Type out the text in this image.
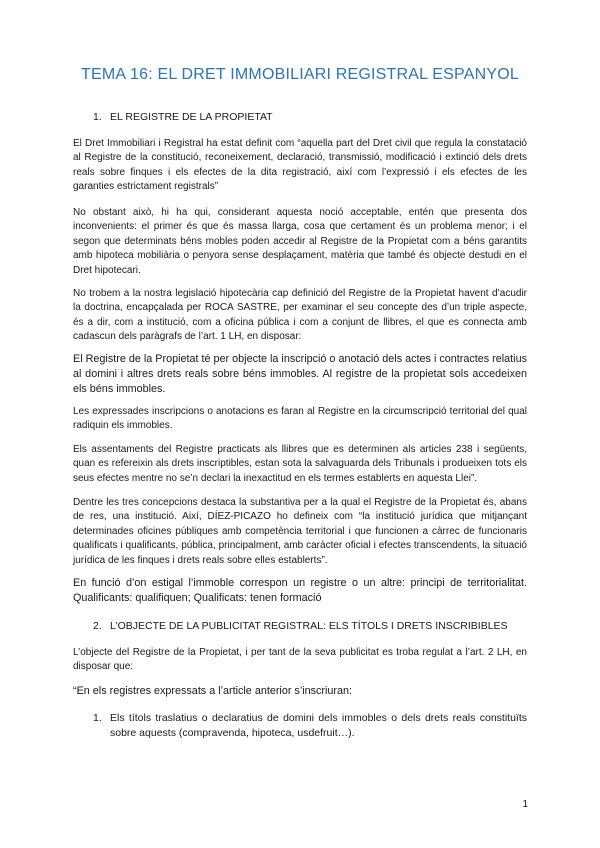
TEMA 16: EL DRET IMMOBILIARI REGISTRAL ESPANYOL

1. EL REGISTRE DE LA PROPIETAT

El Dret Immobiliari i Registral ha estat definit com “aquella part del Dret civil que regula la constatació al Registre de la constitució, reconeixement, declaració, transmissió, modificació i extinció dels drets reals sobre finques i els efectes de la dita registració, així com l’expressió i els efectes de les garanties estrictament registrals”

No obstant això, hi ha qui, considerant aquesta noció acceptable, entén que presenta dos inconvenients: el primer és que és massa llarga, cosa que certament és un problema menor; i el segon que determinats béns mobles poden accedir al Registre de la Propietat com a béns garantits amb hipoteca mobiliària o penyora sense desplaçament, matèria que també és objecte destudi en el Dret hipotecari.

No trobem a la nostra legislació hipotecària cap definició del Registre de la Propietat havent d’acudir la doctrina, encapçalada per ROCA SASTRE, per examinar el seu concepte des d’un triple aspecte, és a dir, com a institució, com a oficina pública i com a conjunt de llibres, el que es connecta amb cadascun dels paràgrafs de l’art. 1 LH, en disposar:

El Registre de la Propietat té per objecte la inscripció o anotació dels actes i contractes relatius al domini i altres drets reals sobre béns immobles. Al registre de la propietat sols accedeixen els béns immobles.

Les expressades inscripcions o anotacions es faran al Registre en la circumscripció territorial del qual radiquin els immobles.

Els assentaments del Registre practicats als llibres que es determinen als articles 238 i següents, quan es refereixin als drets inscriptibles, estan sota la salvaguarda dels Tribunals i produeixen tots els seus efectes mentre no se’n declari la inexactitud en els termes establerts en aquesta Llei”.

Dentre les tres concepcions destaca la substantiva per a la qual el Registre de la Propietat és, abans de res, una institució. Així, DÍEZ-PICAZO ho defineix com “la institució jurídica que mitjançant determinades oficines públiques amb competència territorial i que funcionen a càrrec de funcionaris qualificats i qualificants, pública, principalment, amb caràcter oficial i efectes transcendents, la situació jurídica de les finques i drets reals sobre elles establerts”.

En funció d’on estigal l’immoble correspon un registre o un altre: principi de territorialitat. Qualificants: qualifiquen; Qualificats: tenen formació

2. L’OBJECTE DE LA PUBLICITAT REGISTRAL: ELS TÍTOLS I DRETS INSCRIBIBLES

L’objecte del Registre de la Propietat, i per tant de la seva publicitat es troba regulat a l’art. 2 LH, en disposar que:

“En els registres expressats a l’article anterior s’inscriuran:

1. Els títols traslatius o declaratius de domini dels immobles o dels drets reals constituïts sobre aquests (compravenda, hipoteca, usdefruit…).

1
